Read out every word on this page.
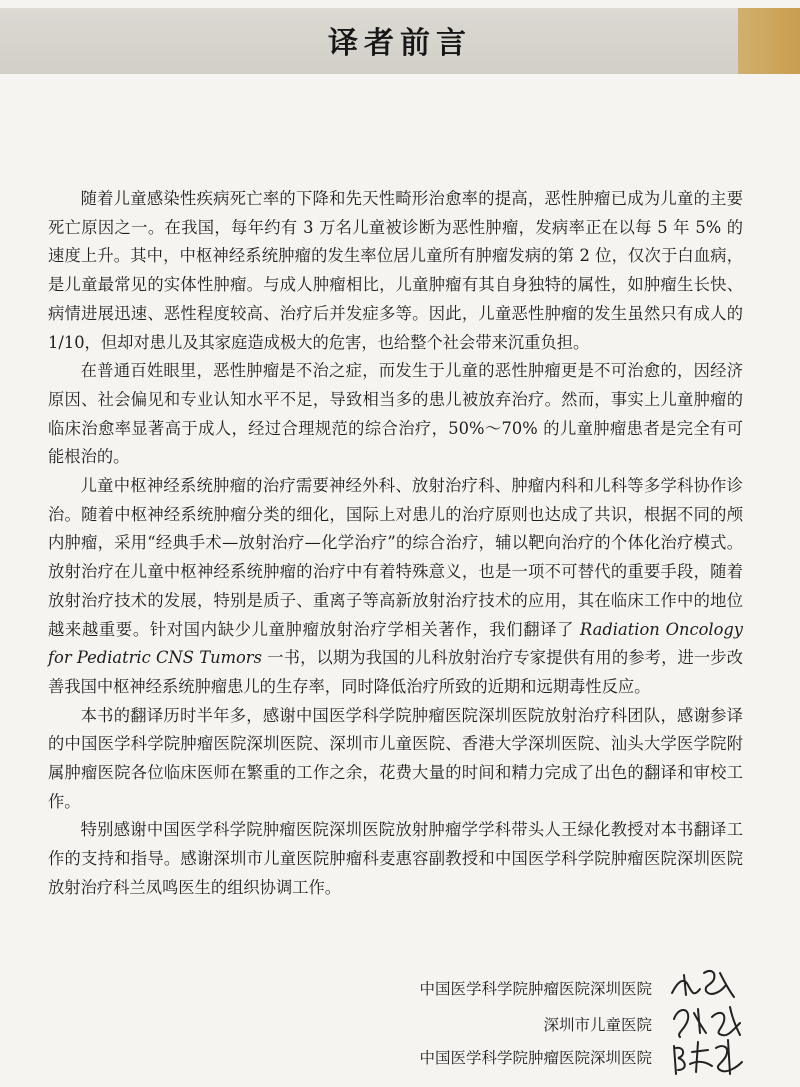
译者前言

随着儿童感染性疾病死亡率的下降和先天性畸形治愈率的提高，恶性肿瘤已成为儿童的主要死亡原因之一。在我国，每年约有 3 万名儿童被诊断为恶性肿瘤，发病率正在以每 5 年 5% 的速度上升。其中，中枢神经系统肿瘤的发生率位居儿童所有肿瘤发病的第 2 位，仅次于白血病，是儿童最常见的实体性肿瘤。与成人肿瘤相比，儿童肿瘤有其自身独特的属性，如肿瘤生长快、病情进展迅速、恶性程度较高、治疗后并发症多等。因此，儿童恶性肿瘤的发生虽然只有成人的 1/10，但却对患儿及其家庭造成极大的危害，也给整个社会带来沉重负担。

在普通百姓眼里，恶性肿瘤是不治之症，而发生于儿童的恶性肿瘤更是不可治愈的，因经济原因、社会偏见和专业认知水平不足，导致相当多的患儿被放弃治疗。然而，事实上儿童肿瘤的临床治愈率显著高于成人，经过合理规范的综合治疗，50%～70% 的儿童肿瘤患者是完全有可能根治的。

儿童中枢神经系统肿瘤的治疗需要神经外科、放射治疗科、肿瘤内科和儿科等多学科协作诊治。随着中枢神经系统肿瘤分类的细化，国际上对患儿的治疗原则也达成了共识，根据不同的颅内肿瘤，采用“经典手术—放射治疗—化学治疗”的综合治疗，辅以靶向治疗的个体化治疗模式。放射治疗在儿童中枢神经系统肿瘤的治疗中有着特殊意义，也是一项不可替代的重要手段，随着放射治疗技术的发展，特别是质子、重离子等高新放射治疗技术的应用，其在临床工作中的地位越来越重要。针对国内缺少儿童肿瘤放射治疗学相关著作，我们翻译了 Radiation Oncology for Pediatric CNS Tumors 一书，以期为我国的儿科放射治疗专家提供有用的参考，进一步改善我国中枢神经系统肿瘤患儿的生存率，同时降低治疗所致的近期和远期毒性反应。

本书的翻译历时半年多，感谢中国医学科学院肿瘤医院深圳医院放射治疗科团队，感谢参译的中国医学科学院肿瘤医院深圳医院、深圳市儿童医院、香港大学深圳医院、汕头大学医学院附属肿瘤医院各位临床医师在繁重的工作之余，花费大量的时间和精力完成了出色的翻译和审校工作。

特别感谢中国医学科学院肿瘤医院深圳医院放射肿瘤学学科带头人王绿化教授对本书翻译工作的支持和指导。感谢深圳市儿童医院肿瘤科麦惠容副教授和中国医学科学院肿瘤医院深圳医院放射治疗科兰凤鸣医生的组织协调工作。

中国医学科学院肿瘤医院深圳医院
深圳市儿童医院
中国医学科学院肿瘤医院深圳医院
